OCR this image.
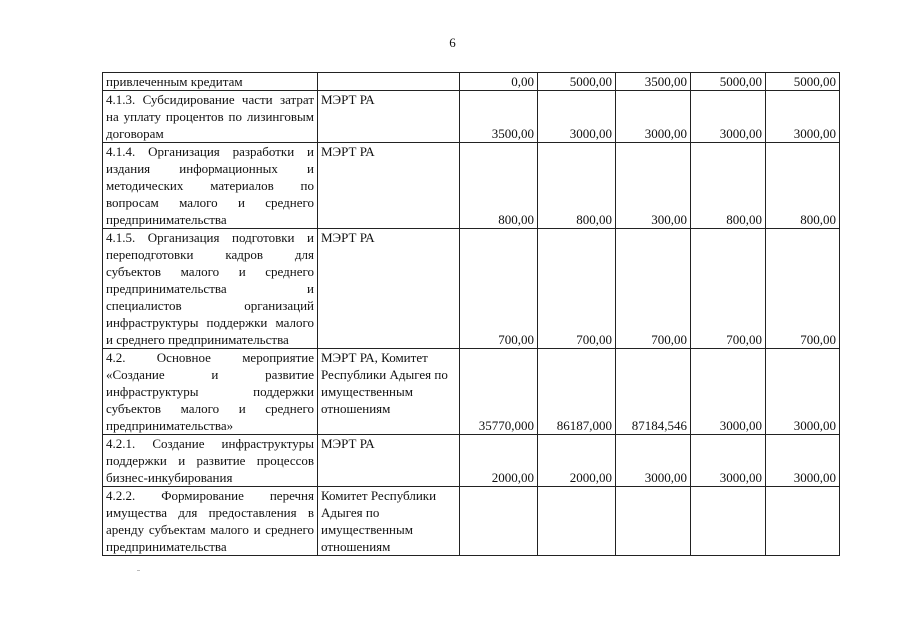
6
привлеченным кредитам		0,00	5000,00	3500,00	5000,00	5000,00
4.1.3. Субсидирование части затрат на уплату процентов по лизинговым договорам	МЭРТ РА	3500,00	3000,00	3000,00	3000,00	3000,00
4.1.4. Организация разработки и издания информационных и методических материалов по вопросам малого и среднего предпринимательства	МЭРТ РА	800,00	800,00	300,00	800,00	800,00
4.1.5. Организация подготовки и переподготовки кадров для субъектов малого и среднего предпринимательства и специалистов организаций инфраструктуры поддержки малого и среднего предпринимательства	МЭРТ РА	700,00	700,00	700,00	700,00	700,00
4.2. Основное мероприятие «Создание и развитие инфраструктуры поддержки субъектов малого и среднего предпринимательства»	МЭРТ РА, Комитет Республики Адыгея по имущественным отношениям	35770,000	86187,000	87184,546	3000,00	3000,00
4.2.1. Создание инфраструктуры поддержки и развитие процессов бизнес-инкубирования	МЭРТ РА	2000,00	2000,00	3000,00	3000,00	3000,00
4.2.2. Формирование перечня имущества для предоставления в аренду субъектам малого и среднего предпринимательства	Комитет Республики Адыгея по имущественным отношениям					
